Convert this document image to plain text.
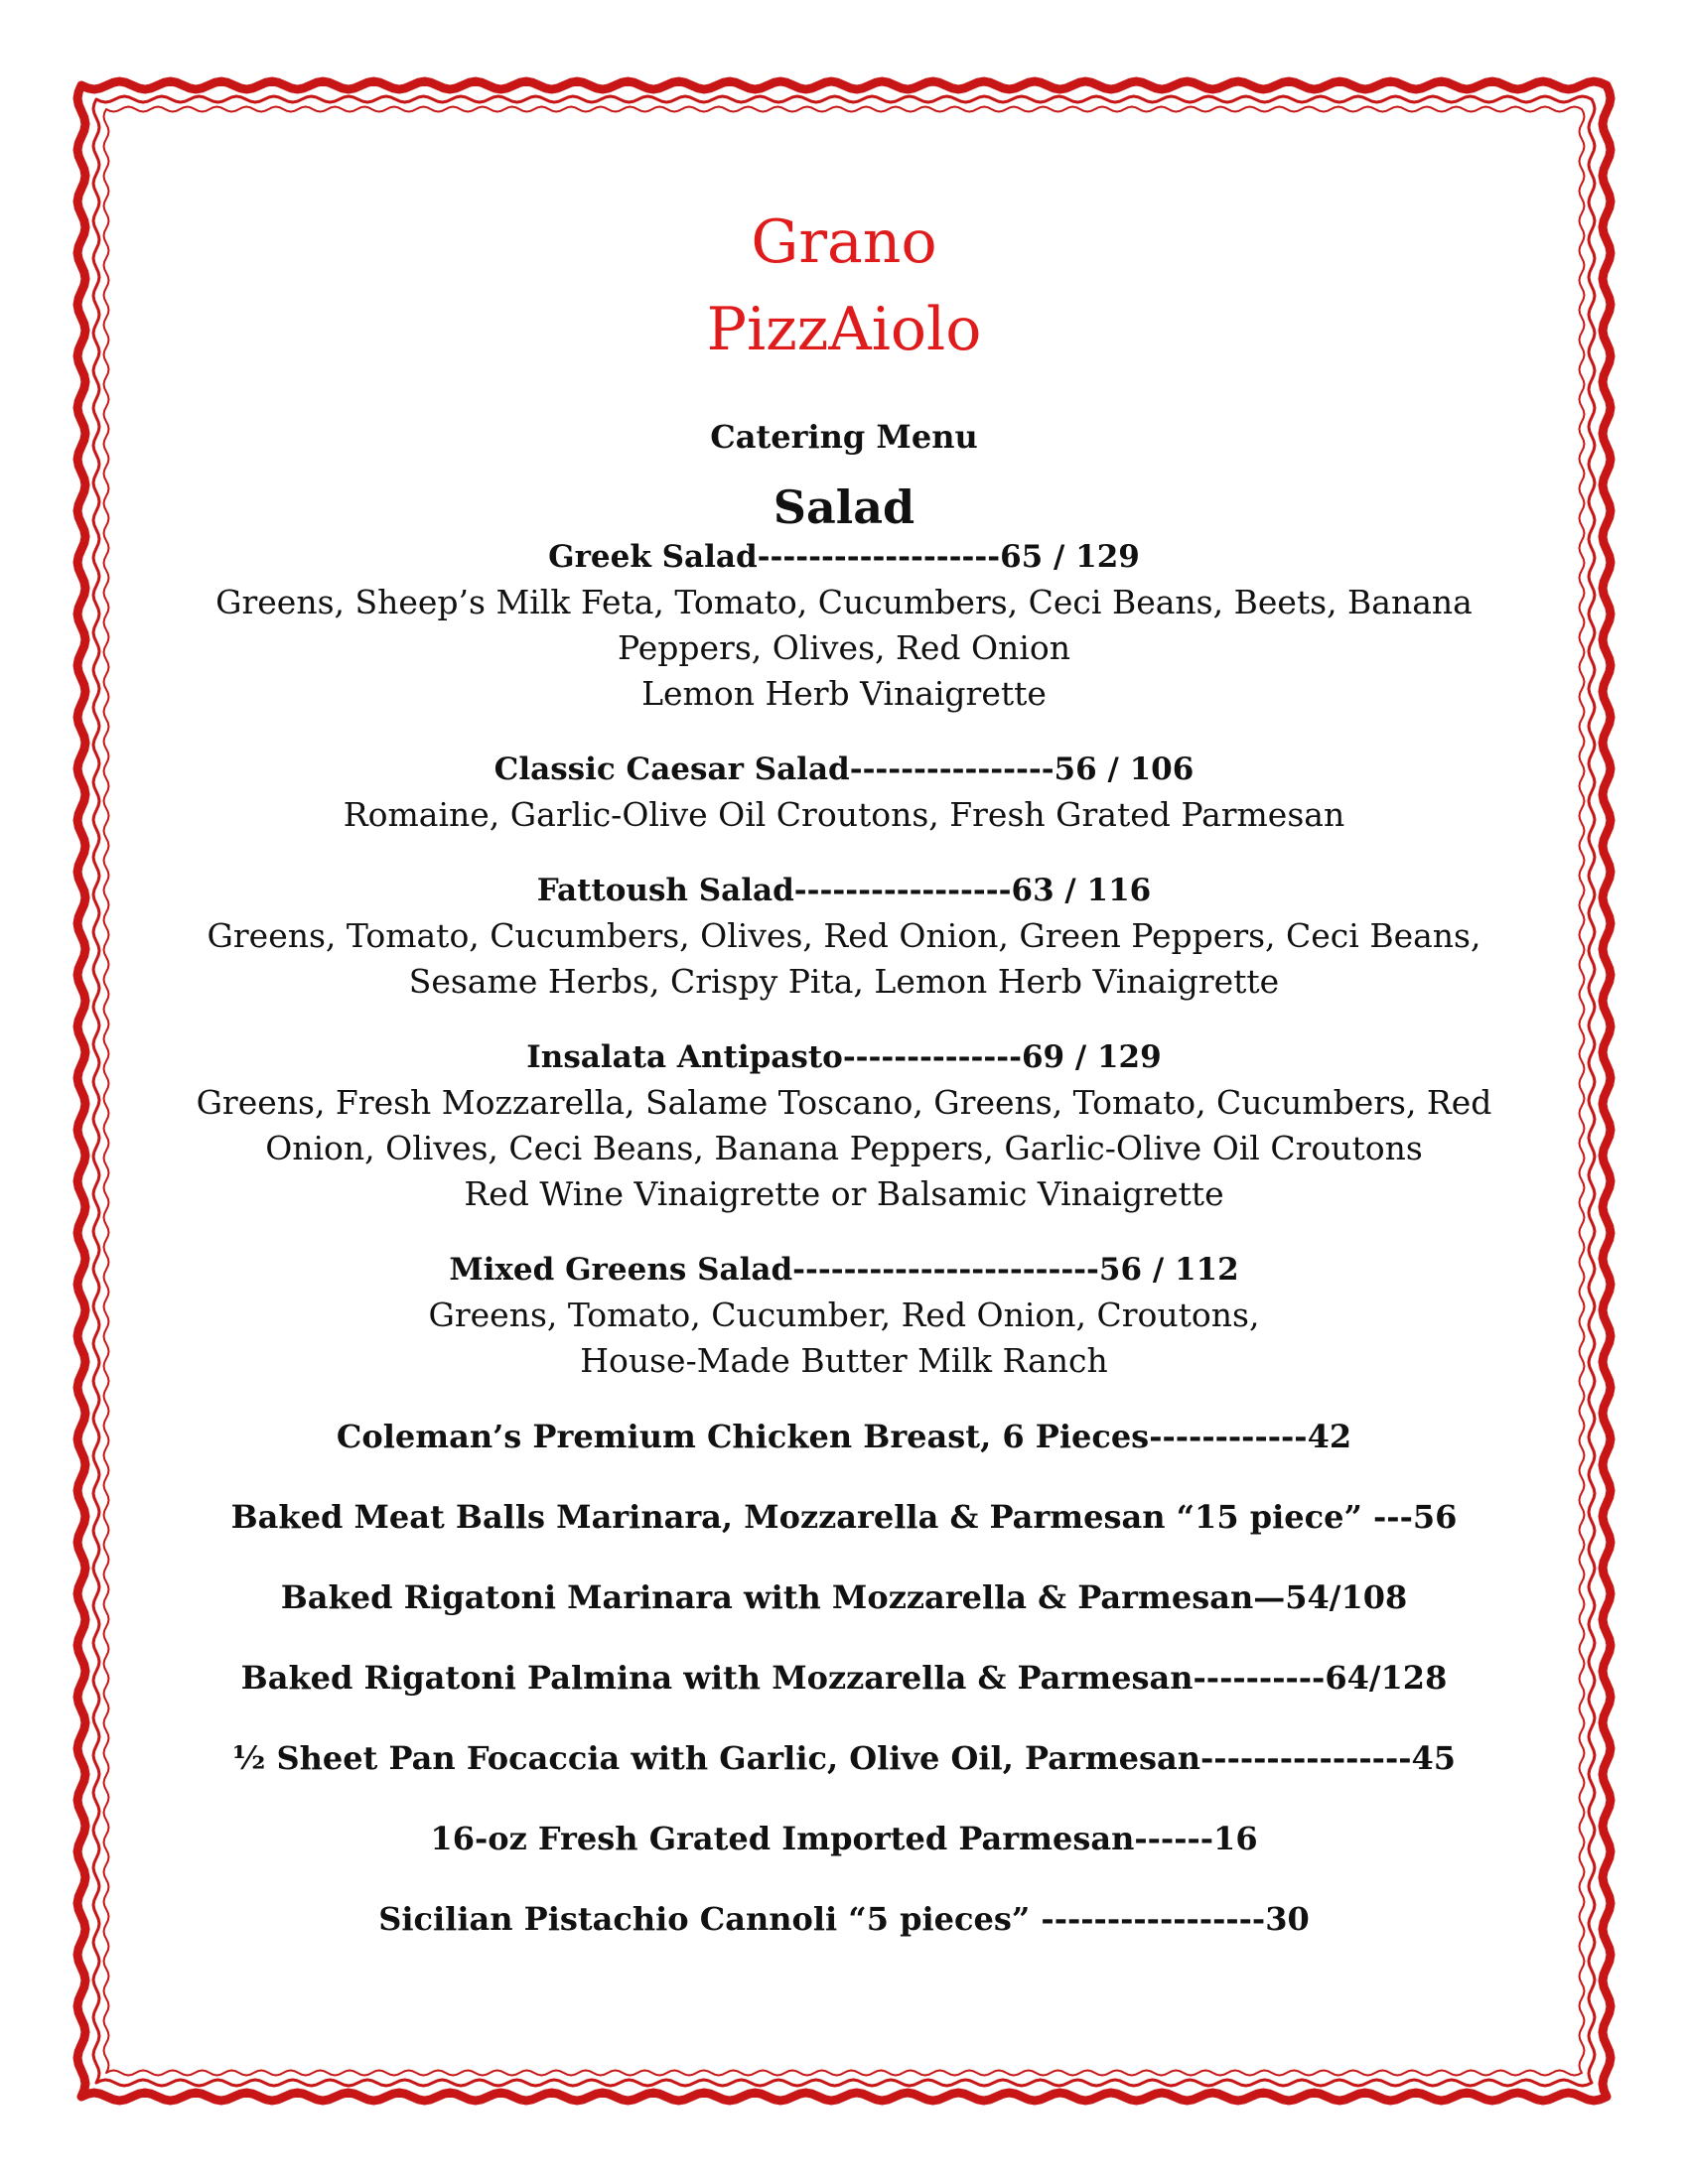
Grano
PizzAiolo
Catering Menu
Salad
Greek Salad-------------------65 / 129
Greens, Sheep’s Milk Feta, Tomato, Cucumbers, Ceci Beans, Beets, Banana
Peppers, Olives, Red Onion
Lemon Herb Vinaigrette
Classic Caesar Salad----------------56 / 106
Romaine, Garlic-Olive Oil Croutons, Fresh Grated Parmesan
Fattoush Salad-----------------63 / 116
Greens, Tomato, Cucumbers, Olives, Red Onion, Green Peppers, Ceci Beans,
Sesame Herbs, Crispy Pita, Lemon Herb Vinaigrette
Insalata Antipasto--------------69 / 129
Greens, Fresh Mozzarella, Salame Toscano, Greens, Tomato, Cucumbers, Red
Onion, Olives, Ceci Beans, Banana Peppers, Garlic-Olive Oil Croutons
Red Wine Vinaigrette or Balsamic Vinaigrette
Mixed Greens Salad------------------------56 / 112
Greens, Tomato, Cucumber, Red Onion, Croutons,
House-Made Butter Milk Ranch
Coleman’s Premium Chicken Breast, 6 Pieces------------42
Baked Meat Balls Marinara, Mozzarella & Parmesan “15 piece” ---56
Baked Rigatoni Marinara with Mozzarella & Parmesan—54/108
Baked Rigatoni Palmina with Mozzarella & Parmesan----------64/128
½ Sheet Pan Focaccia with Garlic, Olive Oil, Parmesan----------------45
16-oz Fresh Grated Imported Parmesan------16
Sicilian Pistachio Cannoli “5 pieces” -----------------30
